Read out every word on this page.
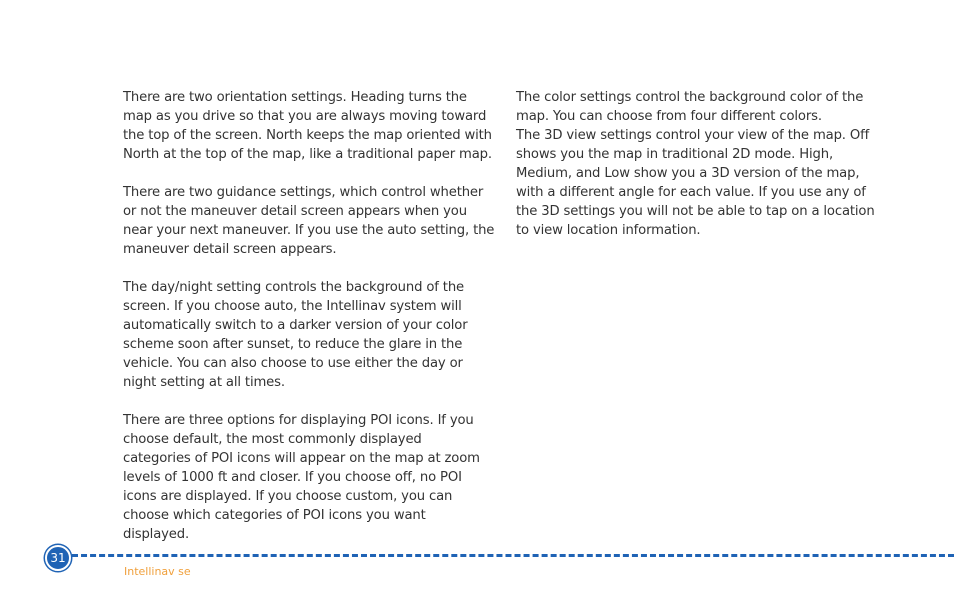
There are two orientation settings. Heading turns the
map as you drive so that you are always moving toward
the top of the screen. North keeps the map oriented with
North at the top of the map, like a traditional paper map.

There are two guidance settings, which control whether
or not the maneuver detail screen appears when you
near your next maneuver. If you use the auto setting, the
maneuver detail screen appears.

The day/night setting controls the background of the
screen. If you choose auto, the Intellinav system will
automatically switch to a darker version of your color
scheme soon after sunset, to reduce the glare in the
vehicle. You can also choose to use either the day or
night setting at all times.

There are three options for displaying POI icons. If you
choose default, the most commonly displayed
categories of POI icons will appear on the map at zoom
levels of 1000 ft and closer. If you choose off, no POI
icons are displayed. If you choose custom, you can
choose which categories of POI icons you want
displayed.

The color settings control the background color of the
map. You can choose from four different colors.

The 3D view settings control your view of the map. Off
shows you the map in traditional 2D mode. High,
Medium, and Low show you a 3D version of the map,
with a different angle for each value. If you use any of
the 3D settings you will not be able to tap on a location
to view location information.

31
Intellinav se
